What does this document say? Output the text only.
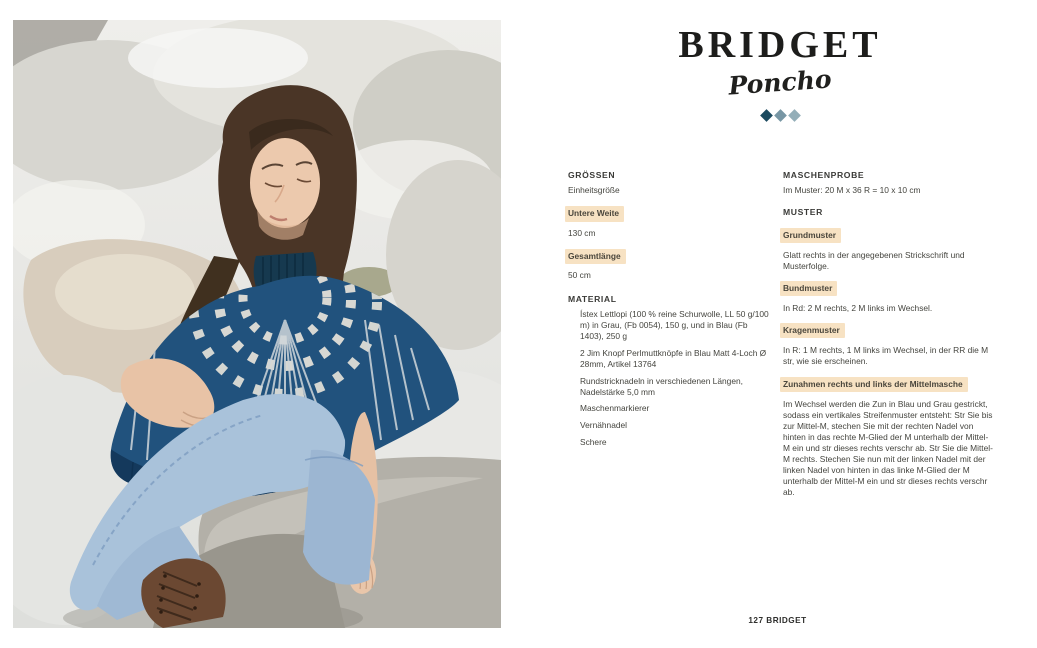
BRIDGET
Poncho
GRÖSSEN
Einheitsgröße
Untere Weite
130 cm
Gesamtlänge
50 cm
MATERIAL
Ístex Lettlopi (100 % reine Schurwolle, LL 50 g/100 m) in Grau, (Fb 0054), 150 g, und in Blau (Fb 1403), 250 g
2 Jim Knopf Perlmuttknöpfe in Blau Matt 4-Loch Ø 28mm, Artikel 13764
Rundstricknadeln in verschiedenen Längen, Nadelstärke 5,0 mm
Maschenmarkierer
Vernähnadel
Schere
MASCHENPROBE
Im Muster: 20 M x 36 R = 10 x 10 cm
MUSTER
Grundmuster

Glatt rechts in der angegebenen Strickschrift und Musterfolge.

Bundmuster

In Rd: 2 M rechts, 2 M links im Wechsel.

Kragenmuster

In R: 1 M rechts, 1 M links im Wechsel, in der RR die M str, wie sie erscheinen.

Zunahmen rechts und links der Mittelmasche

Im Wechsel werden die Zun in Blau und Grau gestrickt, sodass ein vertikales Streifenmuster entsteht: Str Sie bis zur Mittel-M, stechen Sie mit der rechten Nadel von hinten in das rechte M-Glied der M unterhalb der Mittel-M ein und str dieses rechts verschr ab. Str Sie die Mittel-M rechts. Stechen Sie nun mit der linken Nadel mit der linken Nadel von hinten in das linke M-Glied der M unterhalb der Mittel-M ein und str dieses rechts verschr ab.

127 BRIDGET
